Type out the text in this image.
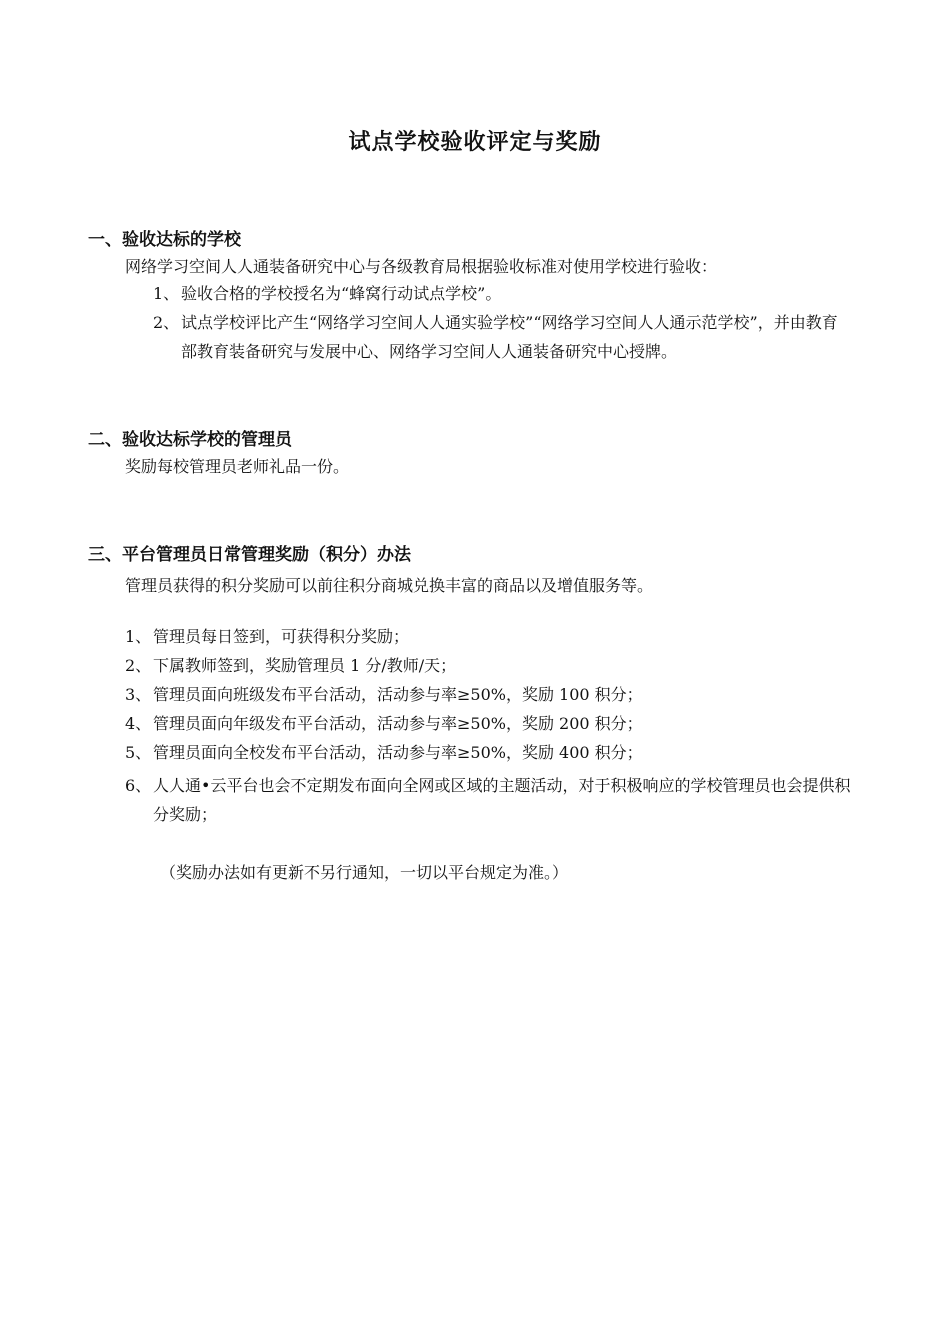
试点学校验收评定与奖励
一、验收达标的学校
网络学习空间人人通装备研究中心与各级教育局根据验收标准对使用学校进行验收：
1、 验收合格的学校授名为“蜂窝行动试点学校”。
2、 试点学校评比产生“网络学习空间人人通实验学校”“网络学习空间人人通示范学校”，并由教育部教育装备研究与发展中心、网络学习空间人人通装备研究中心授牌。
二、验收达标学校的管理员
奖励每校管理员老师礼品一份。
三、平台管理员日常管理奖励（积分）办法
管理员获得的积分奖励可以前往积分商城兑换丰富的商品以及增值服务等。
1、 管理员每日签到，可获得积分奖励；
2、 下属教师签到，奖励管理员 1 分/教师/天；
3、 管理员面向班级发布平台活动，活动参与率≥50%，奖励 100 积分；
4、 管理员面向年级发布平台活动，活动参与率≥50%，奖励 200 积分；
5、 管理员面向全校发布平台活动，活动参与率≥50%，奖励 400 积分；
6、 人人通•云平台也会不定期发布面向全网或区域的主题活动，对于积极响应的学校管理员也会提供积分奖励；
（奖励办法如有更新不另行通知，一切以平台规定为准。）
